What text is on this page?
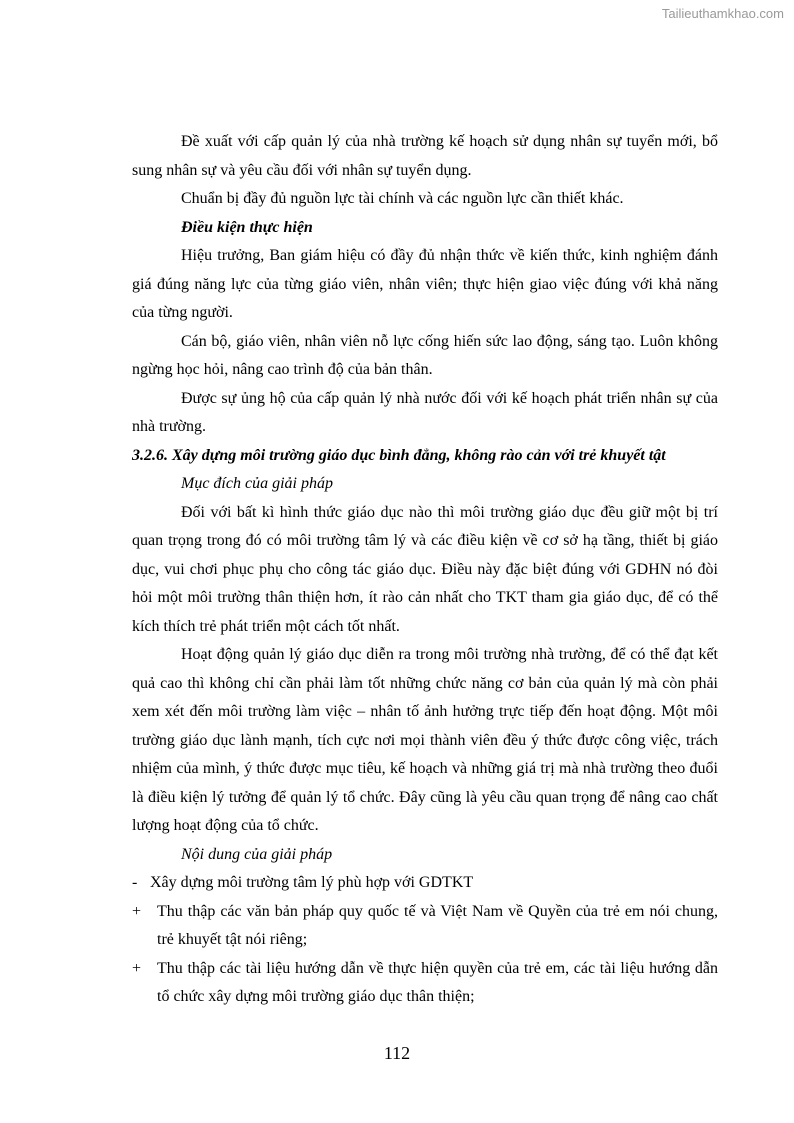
Tailieuthamkhao.com

Đề xuất với cấp quản lý của nhà trường kế hoạch sử dụng nhân sự tuyển mới, bổ sung nhân sự và yêu cầu đối với nhân sự tuyển dụng.

Chuẩn bị đầy đủ nguồn lực tài chính và các nguồn lực cần thiết khác.

Điều kiện thực hiện

Hiệu trưởng, Ban giám hiệu có đầy đủ nhận thức về kiến thức, kinh nghiệm đánh giá đúng năng lực của từng giáo viên, nhân viên; thực hiện giao việc đúng với khả năng của từng người.

Cán bộ, giáo viên, nhân viên nỗ lực cống hiến sức lao động, sáng tạo. Luôn không ngừng học hỏi, nâng cao trình độ của bản thân.

Được sự ủng hộ của cấp quản lý nhà nước đối với kế hoạch phát triển nhân sự của nhà trường.

3.2.6. Xây dựng môi trường giáo dục bình đẳng, không rào cản với trẻ khuyết tật

Mục đích của giải pháp

Đối với bất kì hình thức giáo dục nào thì môi trường giáo dục đều giữ một bị trí quan trọng trong đó có môi trường tâm lý và các điều kiện về cơ sở hạ tầng, thiết bị giáo dục, vui chơi phục phụ cho công tác giáo dục. Điều này đặc biệt đúng với GDHN nó đòi hỏi một môi trường thân thiện hơn, ít rào cản nhất cho TKT tham gia giáo dục, để có thể kích thích trẻ phát triển một cách tốt nhất.

Hoạt động quản lý giáo dục diễn ra trong môi trường nhà trường, để có thể đạt kết quả cao thì không chỉ cần phải làm tốt những chức năng cơ bản của quản lý mà còn phải xem xét đến môi trường làm việc – nhân tố ảnh hưởng trực tiếp đến hoạt động. Một môi trường giáo dục lành mạnh, tích cực nơi mọi thành viên đều ý thức được công việc, trách nhiệm của mình, ý thức được mục tiêu, kế hoạch và những giá trị mà nhà trường theo đuổi là điều kiện lý tưởng để quản lý tổ chức. Đây cũng là yêu cầu quan trọng để nâng cao chất lượng hoạt động của tổ chức.

Nội dung của giải pháp

- Xây dựng môi trường tâm lý phù hợp với GDTKT

+ Thu thập các văn bản pháp quy quốc tế và Việt Nam về Quyền của trẻ em nói chung, trẻ khuyết tật nói riêng;

+ Thu thập các tài liệu hướng dẫn về thực hiện quyền của trẻ em, các tài liệu hướng dẫn tổ chức xây dựng môi trường giáo dục thân thiện;

112
